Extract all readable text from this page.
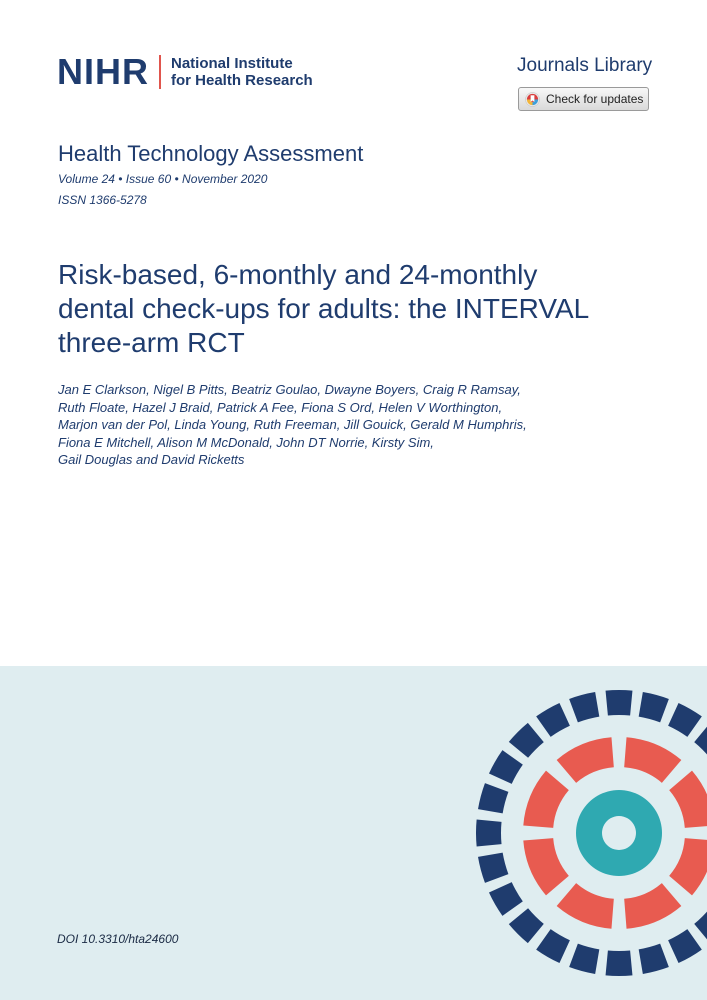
NIHR National Institute
for Health Research
Journals Library
Check for updates
Health Technology Assessment
Volume 24 • Issue 60 • November 2020
ISSN 1366-5278
Risk-based, 6-monthly and 24-monthly
dental check-ups for adults: the INTERVAL
three-arm RCT
Jan E Clarkson, Nigel B Pitts, Beatriz Goulao, Dwayne Boyers, Craig R Ramsay,
Ruth Floate, Hazel J Braid, Patrick A Fee, Fiona S Ord, Helen V Worthington,
Marjon van der Pol, Linda Young, Ruth Freeman, Jill Gouick, Gerald M Humphris,
Fiona E Mitchell, Alison M McDonald, John DT Norrie, Kirsty Sim,
Gail Douglas and David Ricketts
DOI 10.3310/hta24600
